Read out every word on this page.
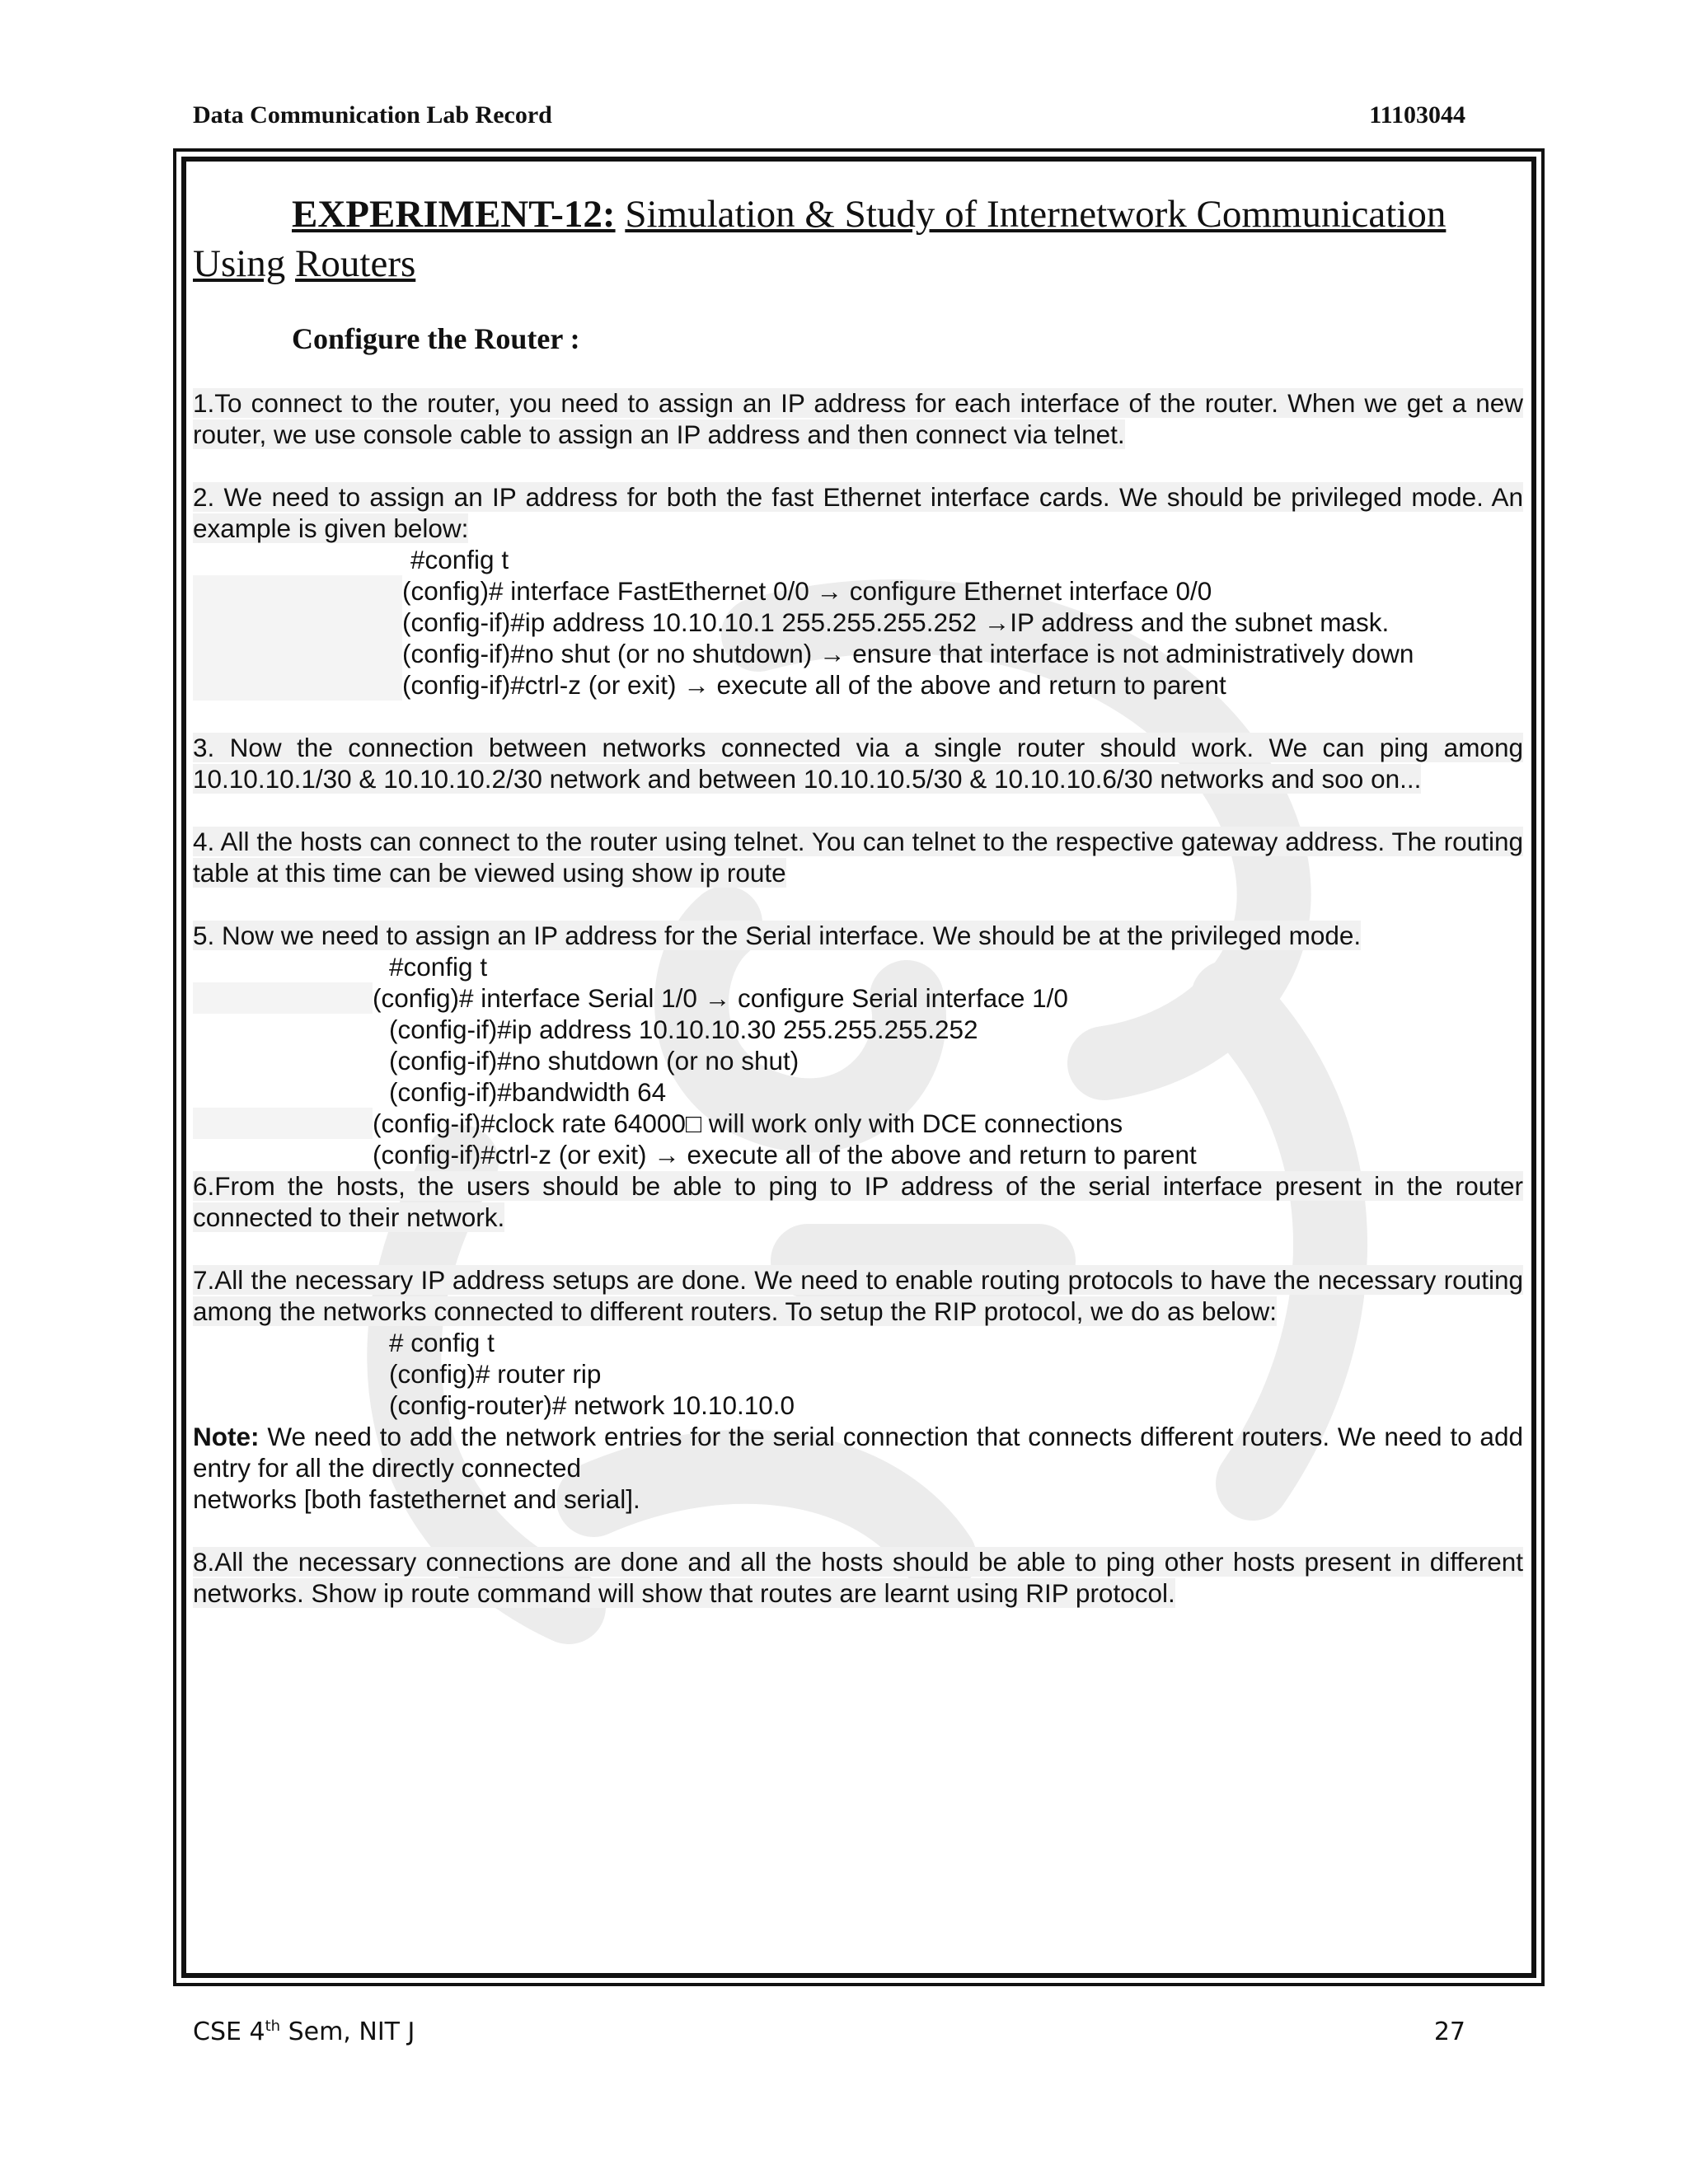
Data Communication Lab Record	11103044
EXPERIMENT-12: Simulation & Study of Internetwork Communication Using Routers
Configure the Router :

1.To connect to the router, you need to assign an IP address for each interface of the router. When we get a new router, we use console cable to assign an IP address and then connect via telnet.

2. We need to assign an IP address for both the fast Ethernet interface cards. We should be privileged mode. An example is given below:

#config t
(config)# interface FastEthernet 0/0 → configure Ethernet interface 0/0
(config-if)#ip address 10.10.10.1 255.255.255.252 →IP address and the subnet mask.
(config-if)#no shut (or no shutdown) → ensure that interface is not administratively down
(config-if)#ctrl-z (or exit) → execute all of the above and return to parent

3. Now the connection between networks connected via a single router should work. We can ping among 10.10.10.1/30 & 10.10.10.2/30 network and between 10.10.10.5/30 & 10.10.10.6/30 networks and soo on...

4. All the hosts can connect to the router using telnet. You can telnet to the respective gateway address. The routing table at this time can be viewed using show ip route

5. Now we need to assign an IP address for the Serial interface. We should be at the privileged mode.

#config t
(config)# interface Serial 1/0 → configure Serial interface 1/0
(config-if)#ip address 10.10.10.30 255.255.255.252
(config-if)#no shutdown (or no shut)
(config-if)#bandwidth 64
(config-if)#clock rate 64000□ will work only with DCE connections
(config-if)#ctrl-z (or exit) → execute all of the above and return to parent

6.From the hosts, the users should be able to ping to IP address of the serial interface present in the router connected to their network.

7.All the necessary IP address setups are done. We need to enable routing protocols to have the necessary routing among the networks connected to different routers. To setup the RIP protocol, we do as below:

# config t
(config)# router rip
(config-router)# network 10.10.10.0

Note: We need to add the network entries for the serial connection that connects different routers. We need to add entry for all the directly connected

networks [both fastethernet and serial].

8.All the necessary connections are done and all the hosts should be able to ping other hosts present in different networks. Show ip route command will show that routes are learnt using RIP protocol.

CSE 4th Sem, NIT J	27
